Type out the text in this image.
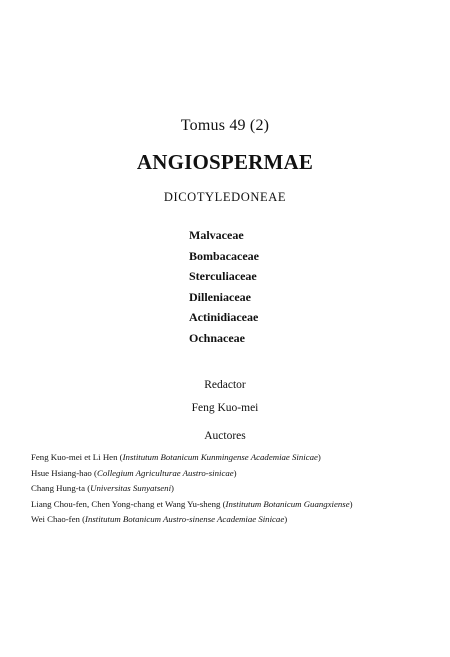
Tomus 49 (2)
ANGIOSPERMAE
DICOTYLEDONEAE
Malvaceae
Bombacaceae
Sterculiaceae
Dilleniaceae
Actinidiaceae
Ochnaceae
Redactor
Feng Kuo-mei
Auctores
Feng Kuo-mei et Li Hen (Institutum Botanicum Kunmingense Academiae Sinicae)
Hsue Hsiang-hao (Collegium Agriculturae Austro-sinicae)
Chang Hung-ta (Universitas Sunyatseni)
Liang Chou-fen, Chen Yong-chang et Wang Yu-sheng (Institutum Botanicum Guangxiense)
Wei Chao-fen (Institutum Botanicum Austro-sinense Academiae Sinicae)
